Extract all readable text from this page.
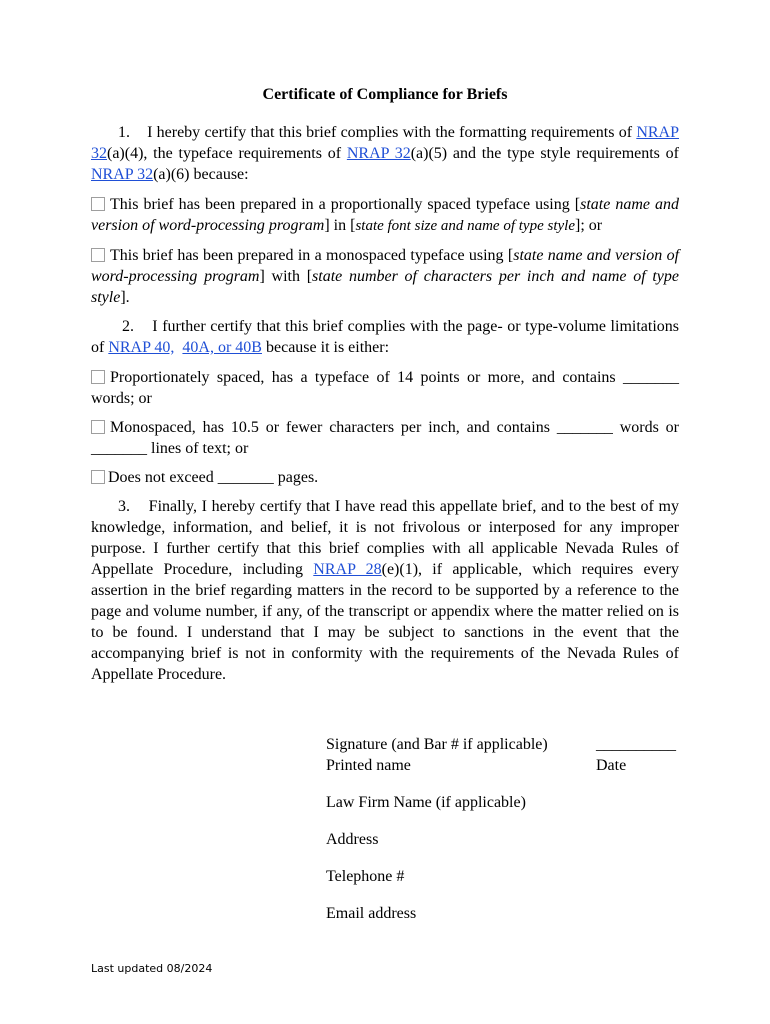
Certificate of Compliance for Briefs

1. I hereby certify that this brief complies with the formatting requirements of NRAP 32(a)(4), the typeface requirements of NRAP 32(a)(5) and the type style requirements of NRAP 32(a)(6) because:

This brief has been prepared in a proportionally spaced typeface using [state name and version of word-processing program] in [state font size and name of type style]; or

This brief has been prepared in a monospaced typeface using [state name and version of word-processing program] with [state number of characters per inch and name of type style].

2. I further certify that this brief complies with the page- or type-volume limitations of NRAP 40, 40A, or 40B because it is either:

Proportionately spaced, has a typeface of 14 points or more, and contains _______ words; or

Monospaced, has 10.5 or fewer characters per inch, and contains _______ words or _______ lines of text; or

Does not exceed _______ pages.

3. Finally, I hereby certify that I have read this appellate brief, and to the best of my knowledge, information, and belief, it is not frivolous or interposed for any improper purpose. I further certify that this brief complies with all applicable Nevada Rules of Appellate Procedure, including NRAP 28(e)(1), if applicable, which requires every assertion in the brief regarding matters in the record to be supported by a reference to the page and volume number, if any, of the transcript or appendix where the matter relied on is to be found. I understand that I may be subject to sanctions in the event that the accompanying brief is not in conformity with the requirements of the Nevada Rules of Appellate Procedure.

Signature (and Bar # if applicable)	__________
Printed name	Date
Law Firm Name (if applicable)
Address
Telephone #
Email address
Last updated 08/2024
